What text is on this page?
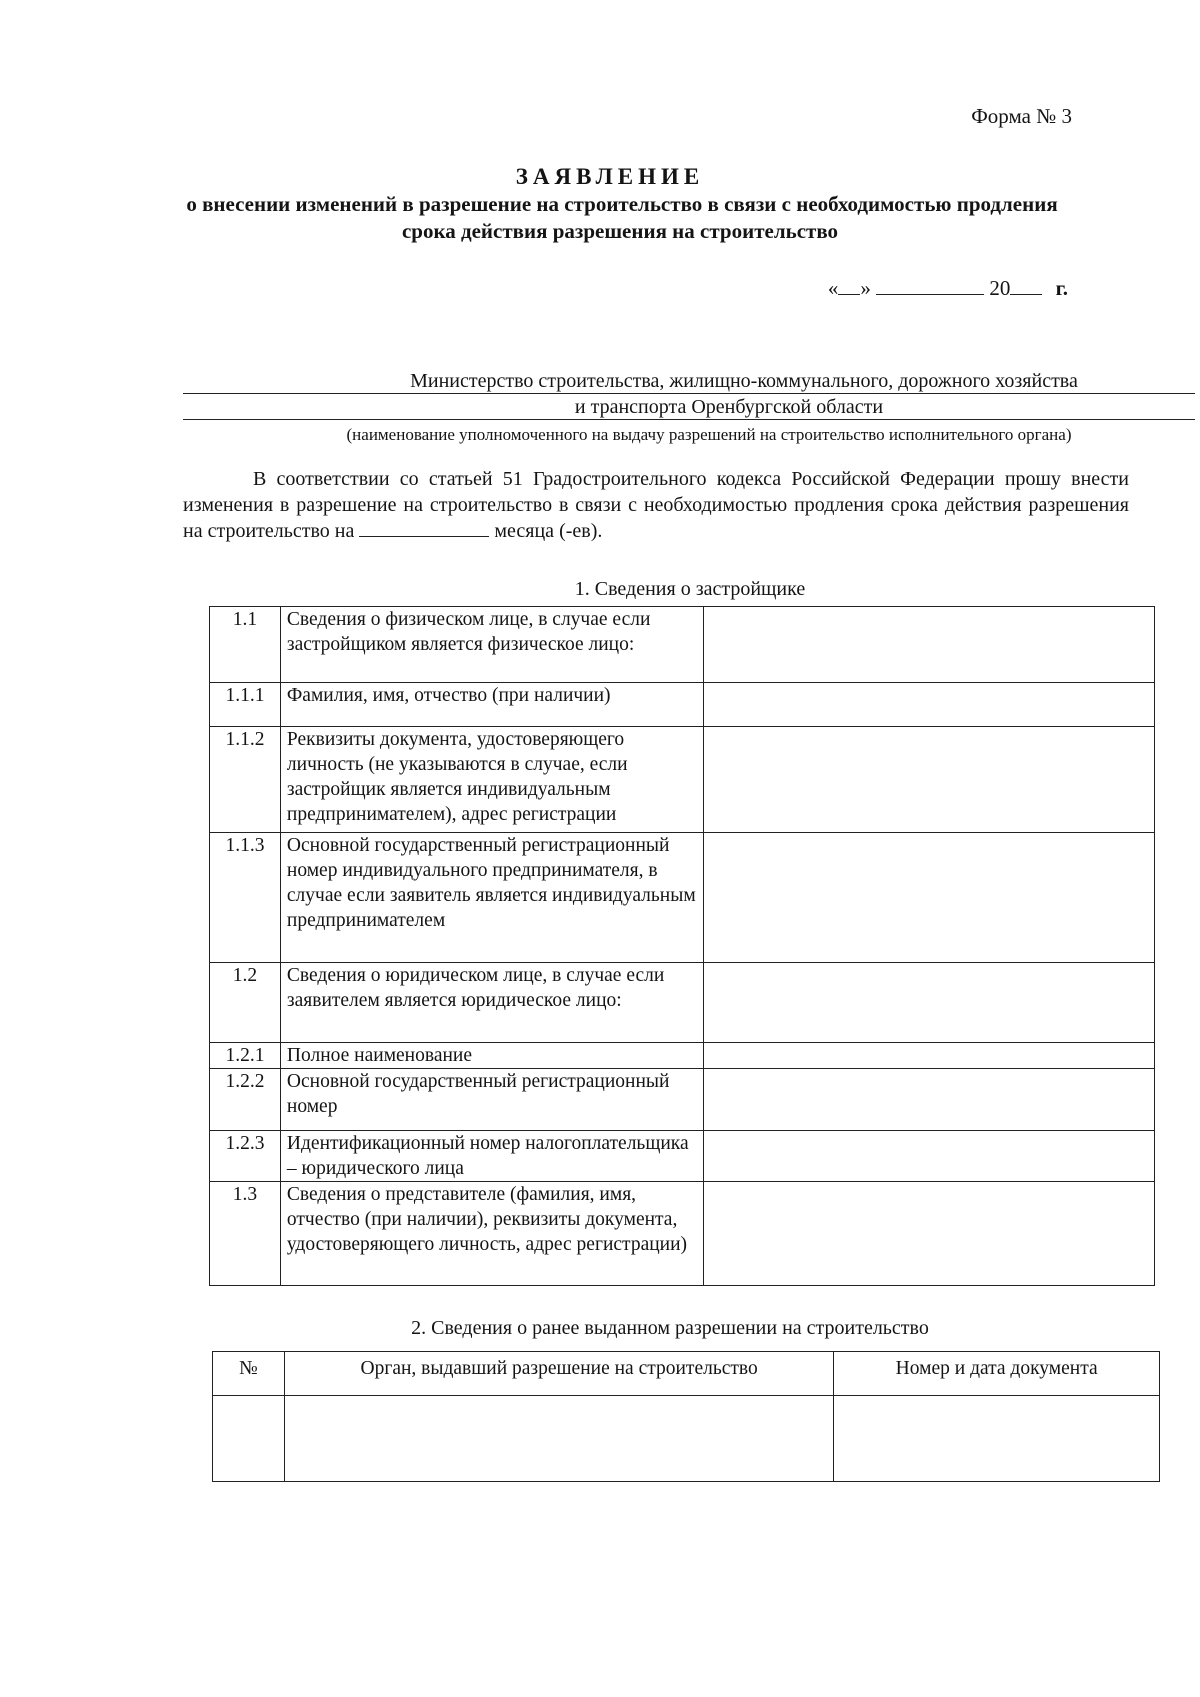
Форма № 3
ЗАЯВЛЕНИЕ
о внесении изменений в разрешение на строительство в связи с необходимостью продления
срока действия разрешения на строительство
« »	20 г.
Министерство строительства, жилищно-коммунального, дорожного хозяйства
и транспорта Оренбургской области
(наименование уполномоченного на выдачу разрешений на строительство исполнительного органа)
В соответствии со статьей 51 Градостроительного кодекса Российской Федерации прошу внести изменения в разрешение на строительство в связи с необходимостью продления срока действия разрешения на строительство на	месяца (-ев).
1. Сведения о застройщике
1.1	Сведения о физическом лице, в случае если застройщиком является физическое лицо:	
1.1.1	Фамилия, имя, отчество (при наличии)	
1.1.2	Реквизиты документа, удостоверяющего личность (не указываются в случае, если застройщик является индивидуальным предпринимателем), адрес регистрации	
1.1.3	Основной государственный регистрационный номер индивидуального предпринимателя, в случае если заявитель является индивидуальным предпринимателем	
1.2	Сведения о юридическом лице, в случае если заявителем является юридическое лицо:	
1.2.1	Полное наименование	
1.2.2	Основной государственный регистрационный номер	
1.2.3	Идентификационный номер налогоплательщика – юридического лица	
1.3	Сведения о представителе (фамилия, имя, отчество (при наличии), реквизиты документа, удостоверяющего личность, адрес регистрации)	
2. Сведения о ранее выданном разрешении на строительство
№	Орган, выдавший разрешение на строительство	Номер и дата документа
